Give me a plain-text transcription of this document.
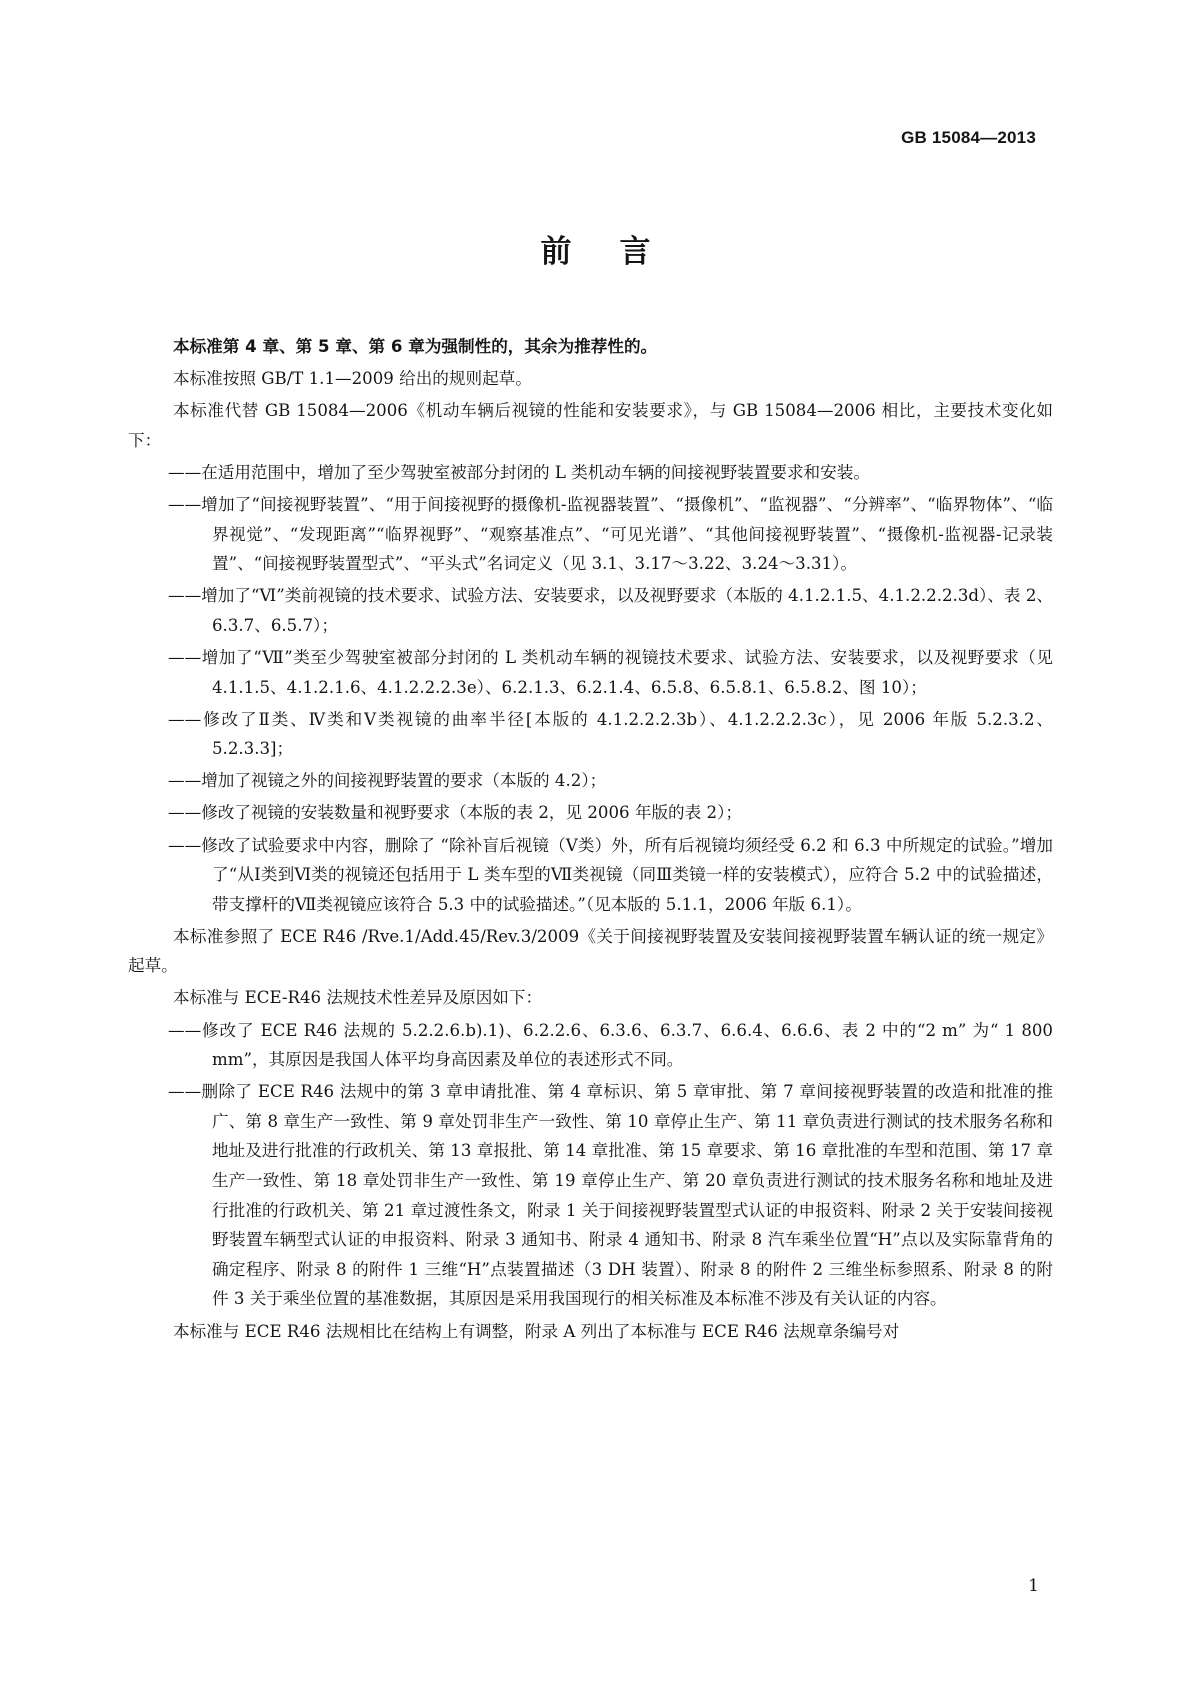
GB 15084—2013
前言

本标准第 4 章、第 5 章、第 6 章为强制性的，其余为推荐性的。

本标准按照 GB/T 1.1—2009 给出的规则起草。

本标准代替 GB 15084—2006《机动车辆后视镜的性能和安装要求》，与 GB 15084—2006 相比，主要技术变化如下：

——在适用范围中，增加了至少驾驶室被部分封闭的 L 类机动车辆的间接视野装置要求和安装。

——增加了“间接视野装置”、“用于间接视野的摄像机-监视器装置”、“摄像机”、“监视器”、“分辨率”、“临界物体”、“临界视觉”、“发现距离”“临界视野”、“观察基准点”、“可见光谱”、“其他间接视野装置”、“摄像机-监视器-记录装置”、“间接视野装置型式”、“平头式”名词定义（见 3.1、3.17～3.22、3.24～3.31）。

——增加了“Ⅵ”类前视镜的技术要求、试验方法、安装要求，以及视野要求（本版的 4.1.2.1.5、4.1.2.2.2.3d）、表 2、6.3.7、6.5.7）；

——增加了“Ⅶ”类至少驾驶室被部分封闭的 L 类机动车辆的视镜技术要求、试验方法、安装要求，以及视野要求（见 4.1.1.5、4.1.2.1.6、4.1.2.2.2.3e）、6.2.1.3、6.2.1.4、6.5.8、6.5.8.1、6.5.8.2、图 10）；

——修改了Ⅱ类、Ⅳ类和Ⅴ类视镜的曲率半径[本版的 4.1.2.2.2.3b）、4.1.2.2.2.3c），见 2006 年版 5.2.3.2、5.2.3.3]；

——增加了视镜之外的间接视野装置的要求（本版的 4.2）；

——修改了视镜的安装数量和视野要求（本版的表 2，见 2006 年版的表 2）；

——修改了试验要求中内容，删除了 “除补盲后视镜（Ⅴ类）外，所有后视镜均须经受 6.2 和 6.3 中所规定的试验。”增加了“从Ⅰ类到Ⅵ类的视镜还包括用于 L 类车型的Ⅶ类视镜（同Ⅲ类镜一样的安装模式），应符合 5.2 中的试验描述，带支撑杆的Ⅶ类视镜应该符合 5.3 中的试验描述。”（见本版的 5.1.1，2006 年版 6.1）。

本标准参照了 ECE R46 /Rve.1/Add.45/Rev.3/2009《关于间接视野装置及安装间接视野装置车辆认证的统一规定》起草。

本标准与 ECE-R46 法规技术性差异及原因如下：

——修改了 ECE R46 法规的 5.2.2.6.b).1)、6.2.2.6、6.3.6、6.3.7、6.6.4、6.6.6、表 2 中的“2 m” 为“ 1 800 mm”，其原因是我国人体平均身高因素及单位的表述形式不同。

——删除了 ECE R46 法规中的第 3 章申请批准、第 4 章标识、第 5 章审批、第 7 章间接视野装置的改造和批准的推广、第 8 章生产一致性、第 9 章处罚非生产一致性、第 10 章停止生产、第 11 章负责进行测试的技术服务名称和地址及进行批准的行政机关、第 13 章报批、第 14 章批准、第 15 章要求、第 16 章批准的车型和范围、第 17 章生产一致性、第 18 章处罚非生产一致性、第 19 章停止生产、第 20 章负责进行测试的技术服务名称和地址及进行批准的行政机关、第 21 章过渡性条文，附录 1 关于间接视野装置型式认证的申报资料、附录 2 关于安装间接视野装置车辆型式认证的申报资料、附录 3 通知书、附录 4 通知书、附录 8 汽车乘坐位置“H”点以及实际靠背角的确定程序、附录 8 的附件 1 三维“H”点装置描述（3 DH 装置）、附录 8 的附件 2 三维坐标参照系、附录 8 的附件 3 关于乘坐位置的基准数据，其原因是采用我国现行的相关标准及本标准不涉及有关认证的内容。

本标准与 ECE R46 法规相比在结构上有调整，附录 A 列出了本标准与 ECE R46 法规章条编号对

1
